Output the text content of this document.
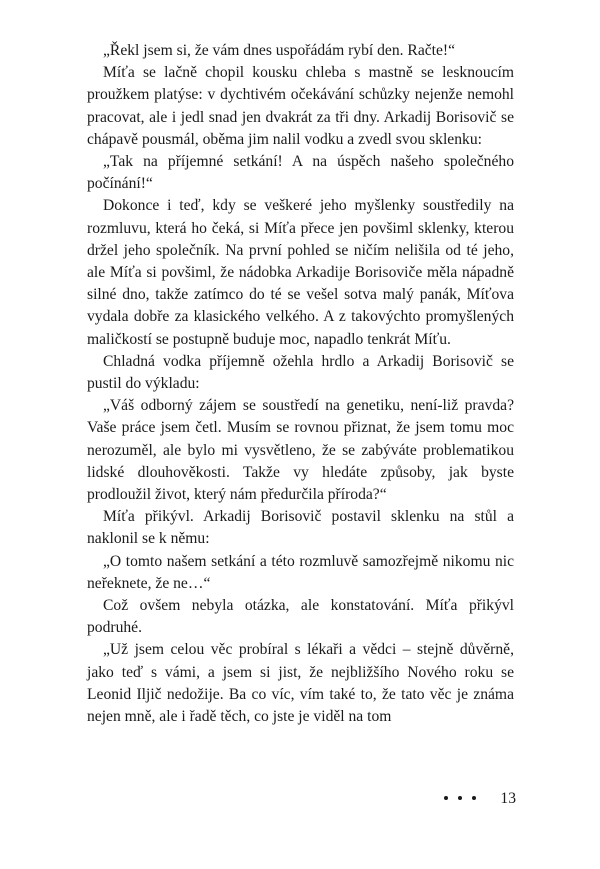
„Řekl jsem si, že vám dnes uspořádám rybí den. Račte!“

Míťa se lačně chopil kousku chleba s mastně se lesknoucím proužkem platýse: v dychtivém očekávání schůzky nejenže nemohl pracovat, ale i jedl snad jen dvakrát za tři dny. Arkadij Borisovič se chápavě pousmál, oběma jim nalil vodku a zvedl svou sklenku:

„Tak na příjemné setkání! A na úspěch našeho společného počínání!“

Dokonce i teď, kdy se veškeré jeho myšlenky soustředily na rozmluvu, která ho čeká, si Míťa přece jen povšiml sklenky, kterou držel jeho společník. Na první pohled se ničím nelišila od té jeho, ale Míťa si povšiml, že nádobka Arkadije Borisoviče měla nápadně silné dno, takže zatímco do té se vešel sotva malý panák, Míťova vydala dobře za klasického velkého. A z takovýchto promyšlených maličkostí se postupně buduje moc, napadlo tenkrát Míťu.

Chladná vodka příjemně ožehla hrdlo a Arkadij Borisovič se pustil do výkladu:

„Váš odborný zájem se soustředí na genetiku, není-liž pravda? Vaše práce jsem četl. Musím se rovnou přiznat, že jsem tomu moc nerozuměl, ale bylo mi vysvětleno, že se zabýváte problematikou lidské dlouhověkosti. Takže vy hledáte způsoby, jak byste prodloužil život, který nám předurčila příroda?“

Míťa přikývl. Arkadij Borisovič postavil sklenku na stůl a naklonil se k němu:

„O tomto našem setkání a této rozmluvě samozřejmě nikomu nic neřeknete, že ne…“

Což ovšem nebyla otázka, ale konstatování. Míťa přikývl podruhé.

„Už jsem celou věc probíral s lékaři a vědci – stejně důvěrně, jako teď s vámi, a jsem si jist, že nejbližšího Nového roku se Leonid Iljič nedožije. Ba co víc, vím také to, že tato věc je známa nejen mně, ale i řadě těch, co jste je viděl na tom

13
